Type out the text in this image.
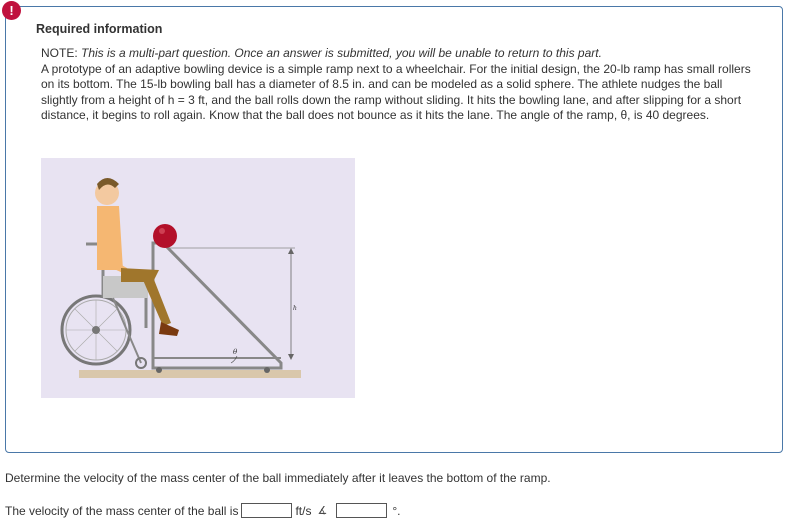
!
Required information
NOTE: This is a multi-part question. Once an answer is submitted, you will be unable to return to this part.
A prototype of an adaptive bowling device is a simple ramp next to a wheelchair. For the initial design, the 20-lb ramp has small rollers on its bottom. The 15-lb bowling ball has a diameter of 8.5 in. and can be modeled as a solid sphere. The athlete nudges the ball slightly from a height of h = 3 ft, and the ball rolls down the ramp without sliding. It hits the bowling lane, and after slipping for a short distance, it begins to roll again. Know that the ball does not bounce as it hits the lane. The angle of the ramp, θ, is 40 degrees.
h
θ
Determine the velocity of the mass center of the ball immediately after it leaves the bottom of the ramp.
The velocity of the mass center of the ball is	ft/s ∡	°.
